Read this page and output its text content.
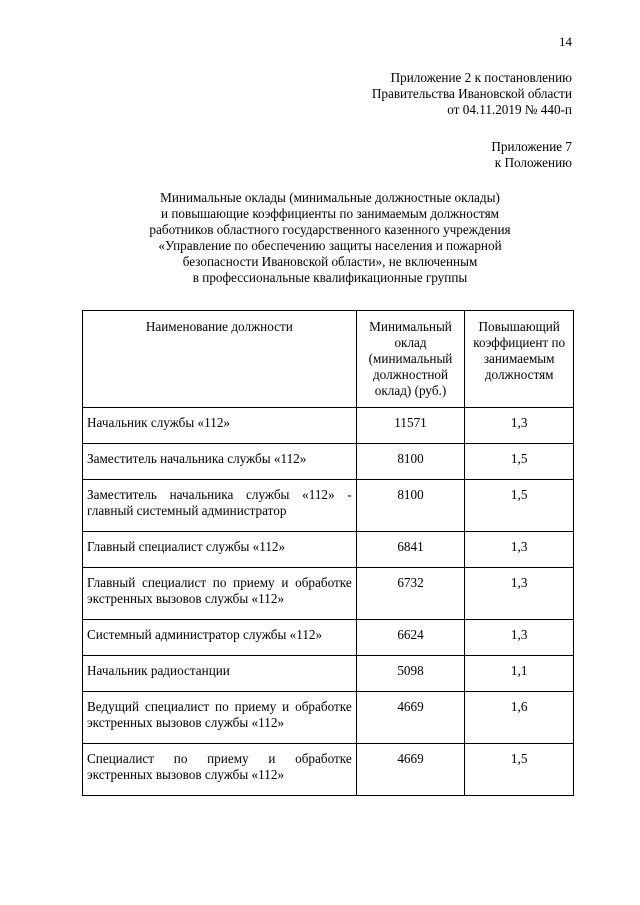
14
Приложение 2 к постановлению
Правительства Ивановской области
от 04.11.2019 № 440-п
Приложение 7
к Положению
Минимальные оклады (минимальные должностные оклады)
и повышающие коэффициенты по занимаемым должностям
работников областного государственного казенного учреждения
«Управление по обеспечению защиты населения и пожарной
безопасности Ивановской области», не включенным
в профессиональные квалификационные группы
Наименование должности	Минимальный оклад (минимальный должностной оклад) (руб.)	Повышающий коэффициент по занимаемым должностям
Начальник службы «112»	11571	1,3
Заместитель начальника службы «112»	8100	1,5
Заместитель начальника службы «112» - главный системный администратор	8100	1,5
Главный специалист службы «112»	6841	1,3
Главный специалист по приему и обработке экстренных вызовов службы «112»	6732	1,3
Системный администратор службы «112»	6624	1,3
Начальник радиостанции	5098	1,1
Ведущий специалист по приему и обработке экстренных вызовов службы «112»	4669	1,6
Специалист по приему и обработке экстренных вызовов службы «112»	4669	1,5
